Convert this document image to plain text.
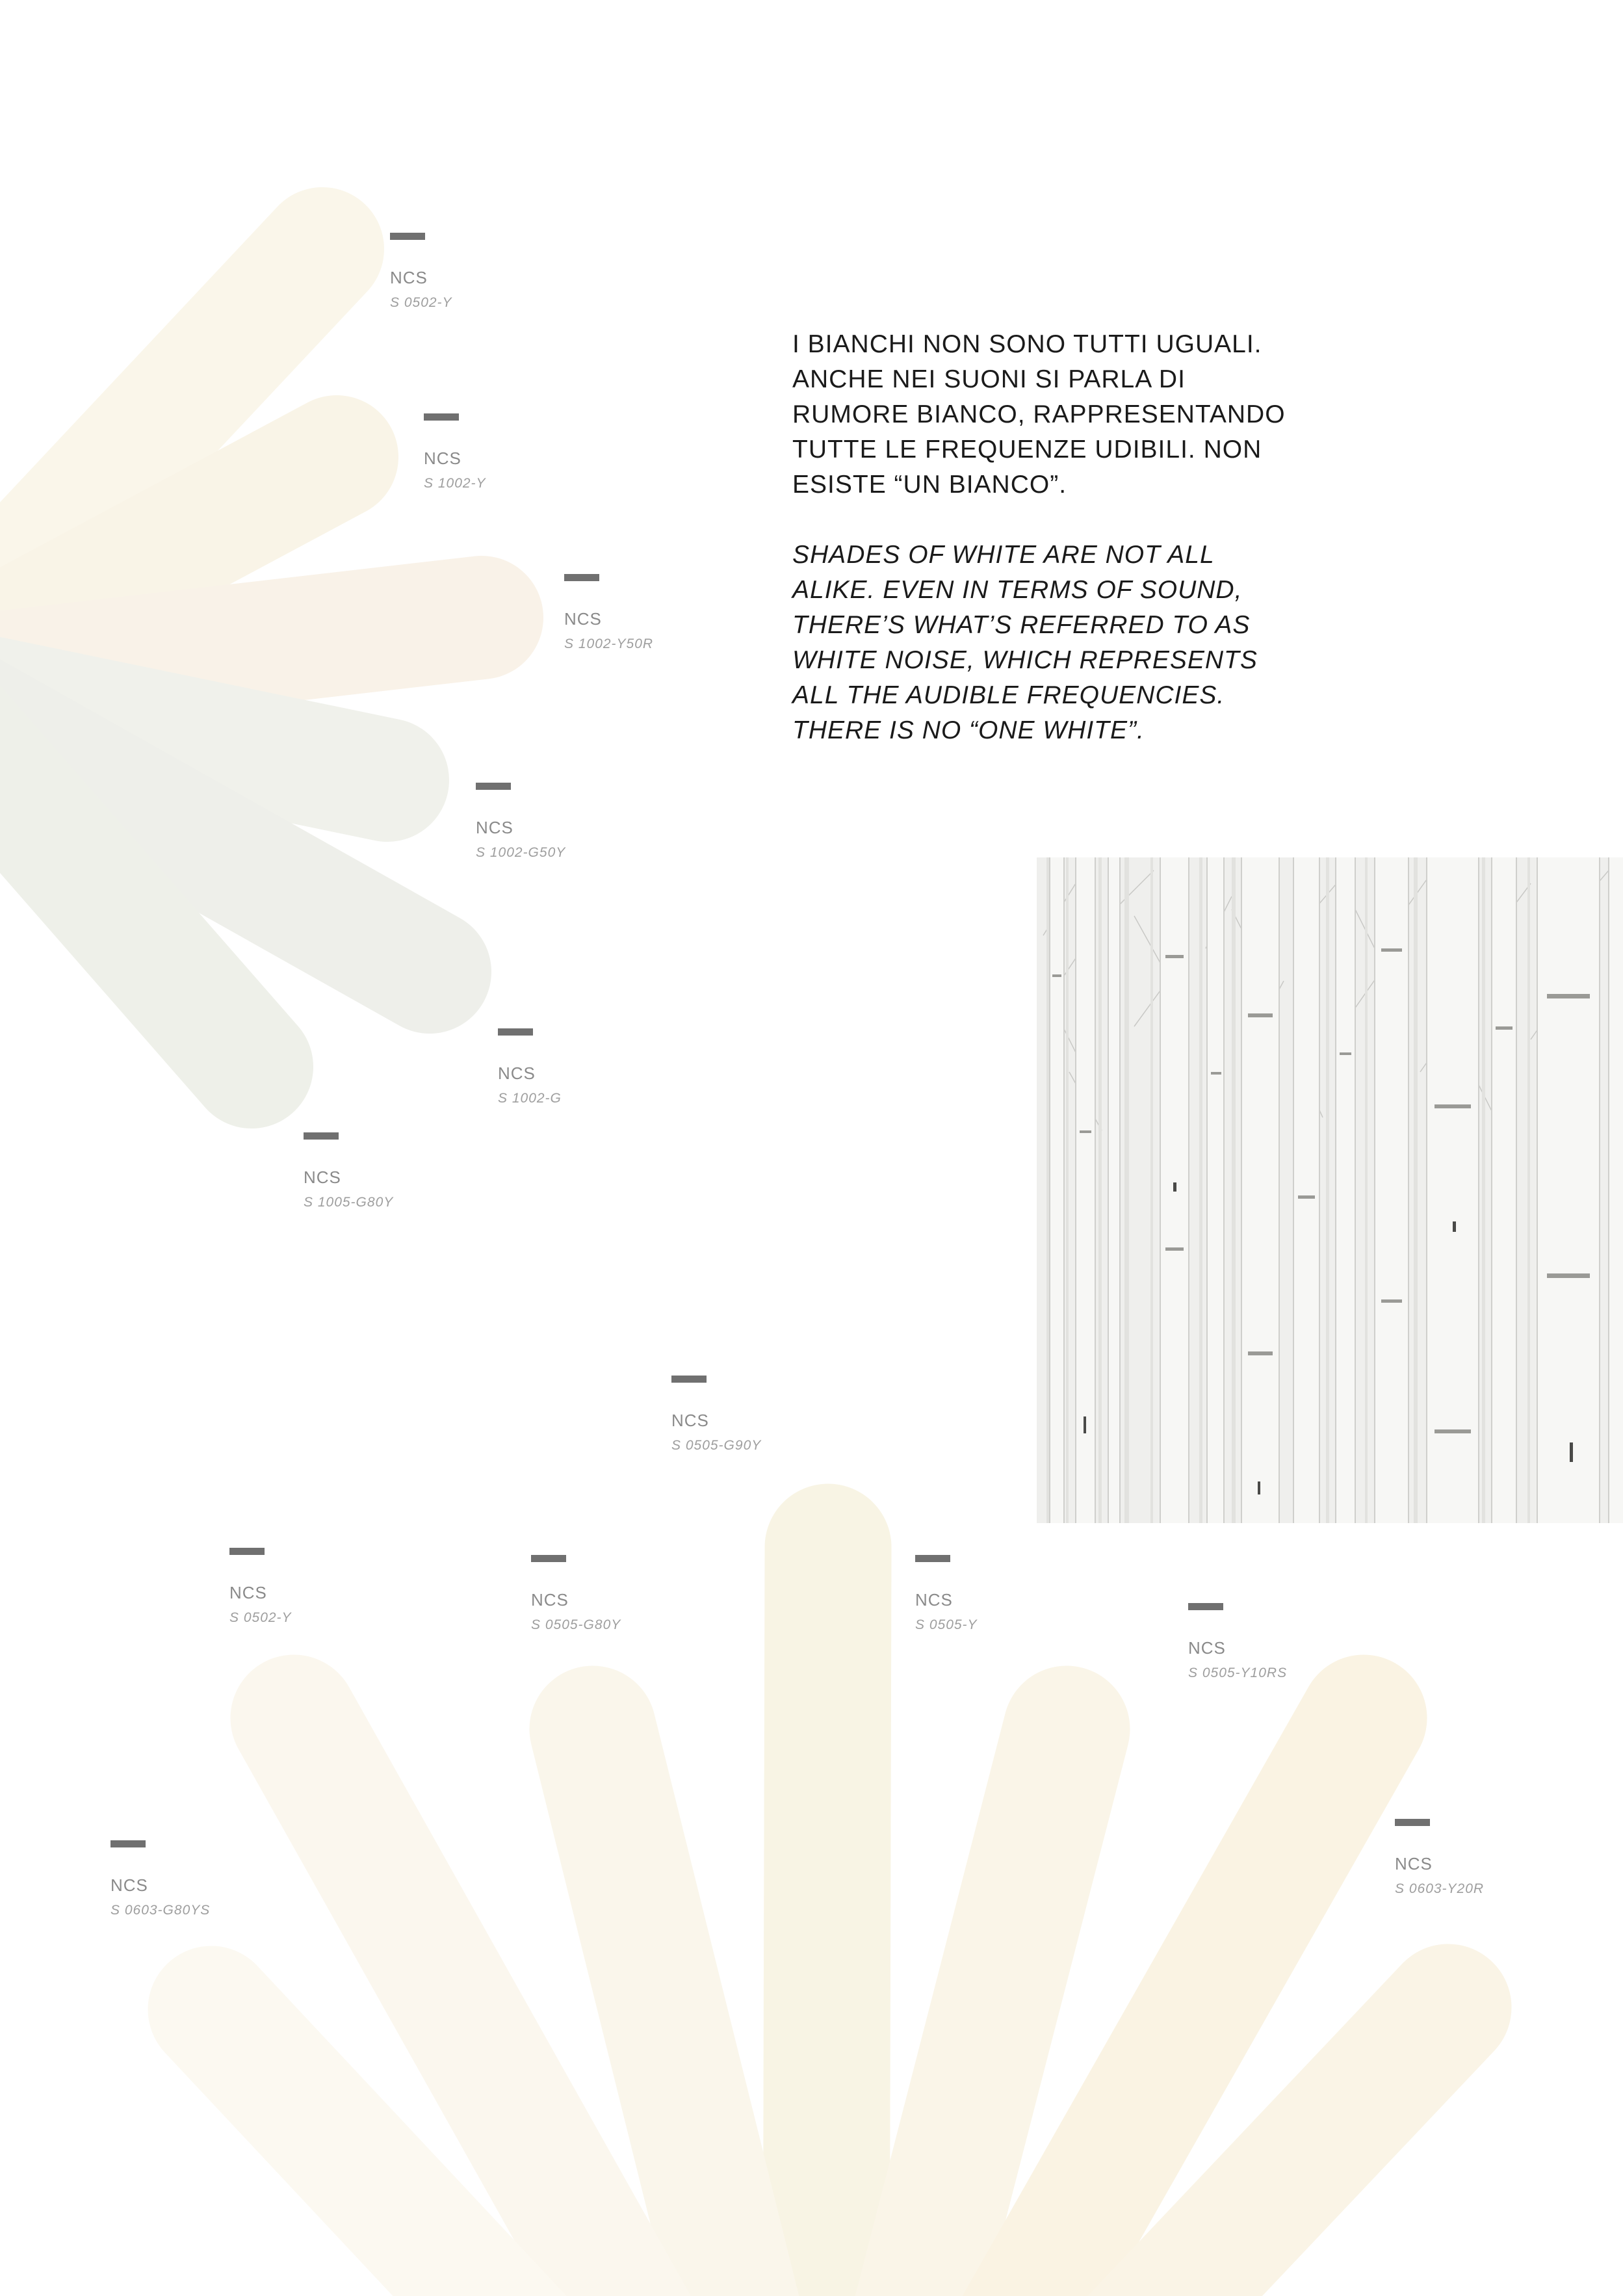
NCS
S 0502-Y
NCS
S 1002-Y
NCS
S 1002-Y50R
NCS
S 1002-G50Y
NCS
S 1002-G
NCS
S 1005-G80Y
NCS
S 0505-G90Y
NCS
S 0502-Y
NCS
S 0505-G80Y
NCS
S 0505-Y
NCS
S 0505-Y10RS
NCS
S 0603-G80YS
NCS
S 0603-Y20R

I BIANCHI NON SONO TUTTI UGUALI.
ANCHE NEI SUONI SI PARLA DI
RUMORE BIANCO, RAPPRESENTANDO
TUTTE LE FREQUENZE UDIBILI. NON
ESISTE “UN BIANCO”.

SHADES OF WHITE ARE NOT ALL
ALIKE. EVEN IN TERMS OF SOUND,
THERE’S WHAT’S REFERRED TO AS
WHITE NOISE, WHICH REPRESENTS
ALL THE AUDIBLE FREQUENCIES.
THERE IS NO “ONE WHITE”.
